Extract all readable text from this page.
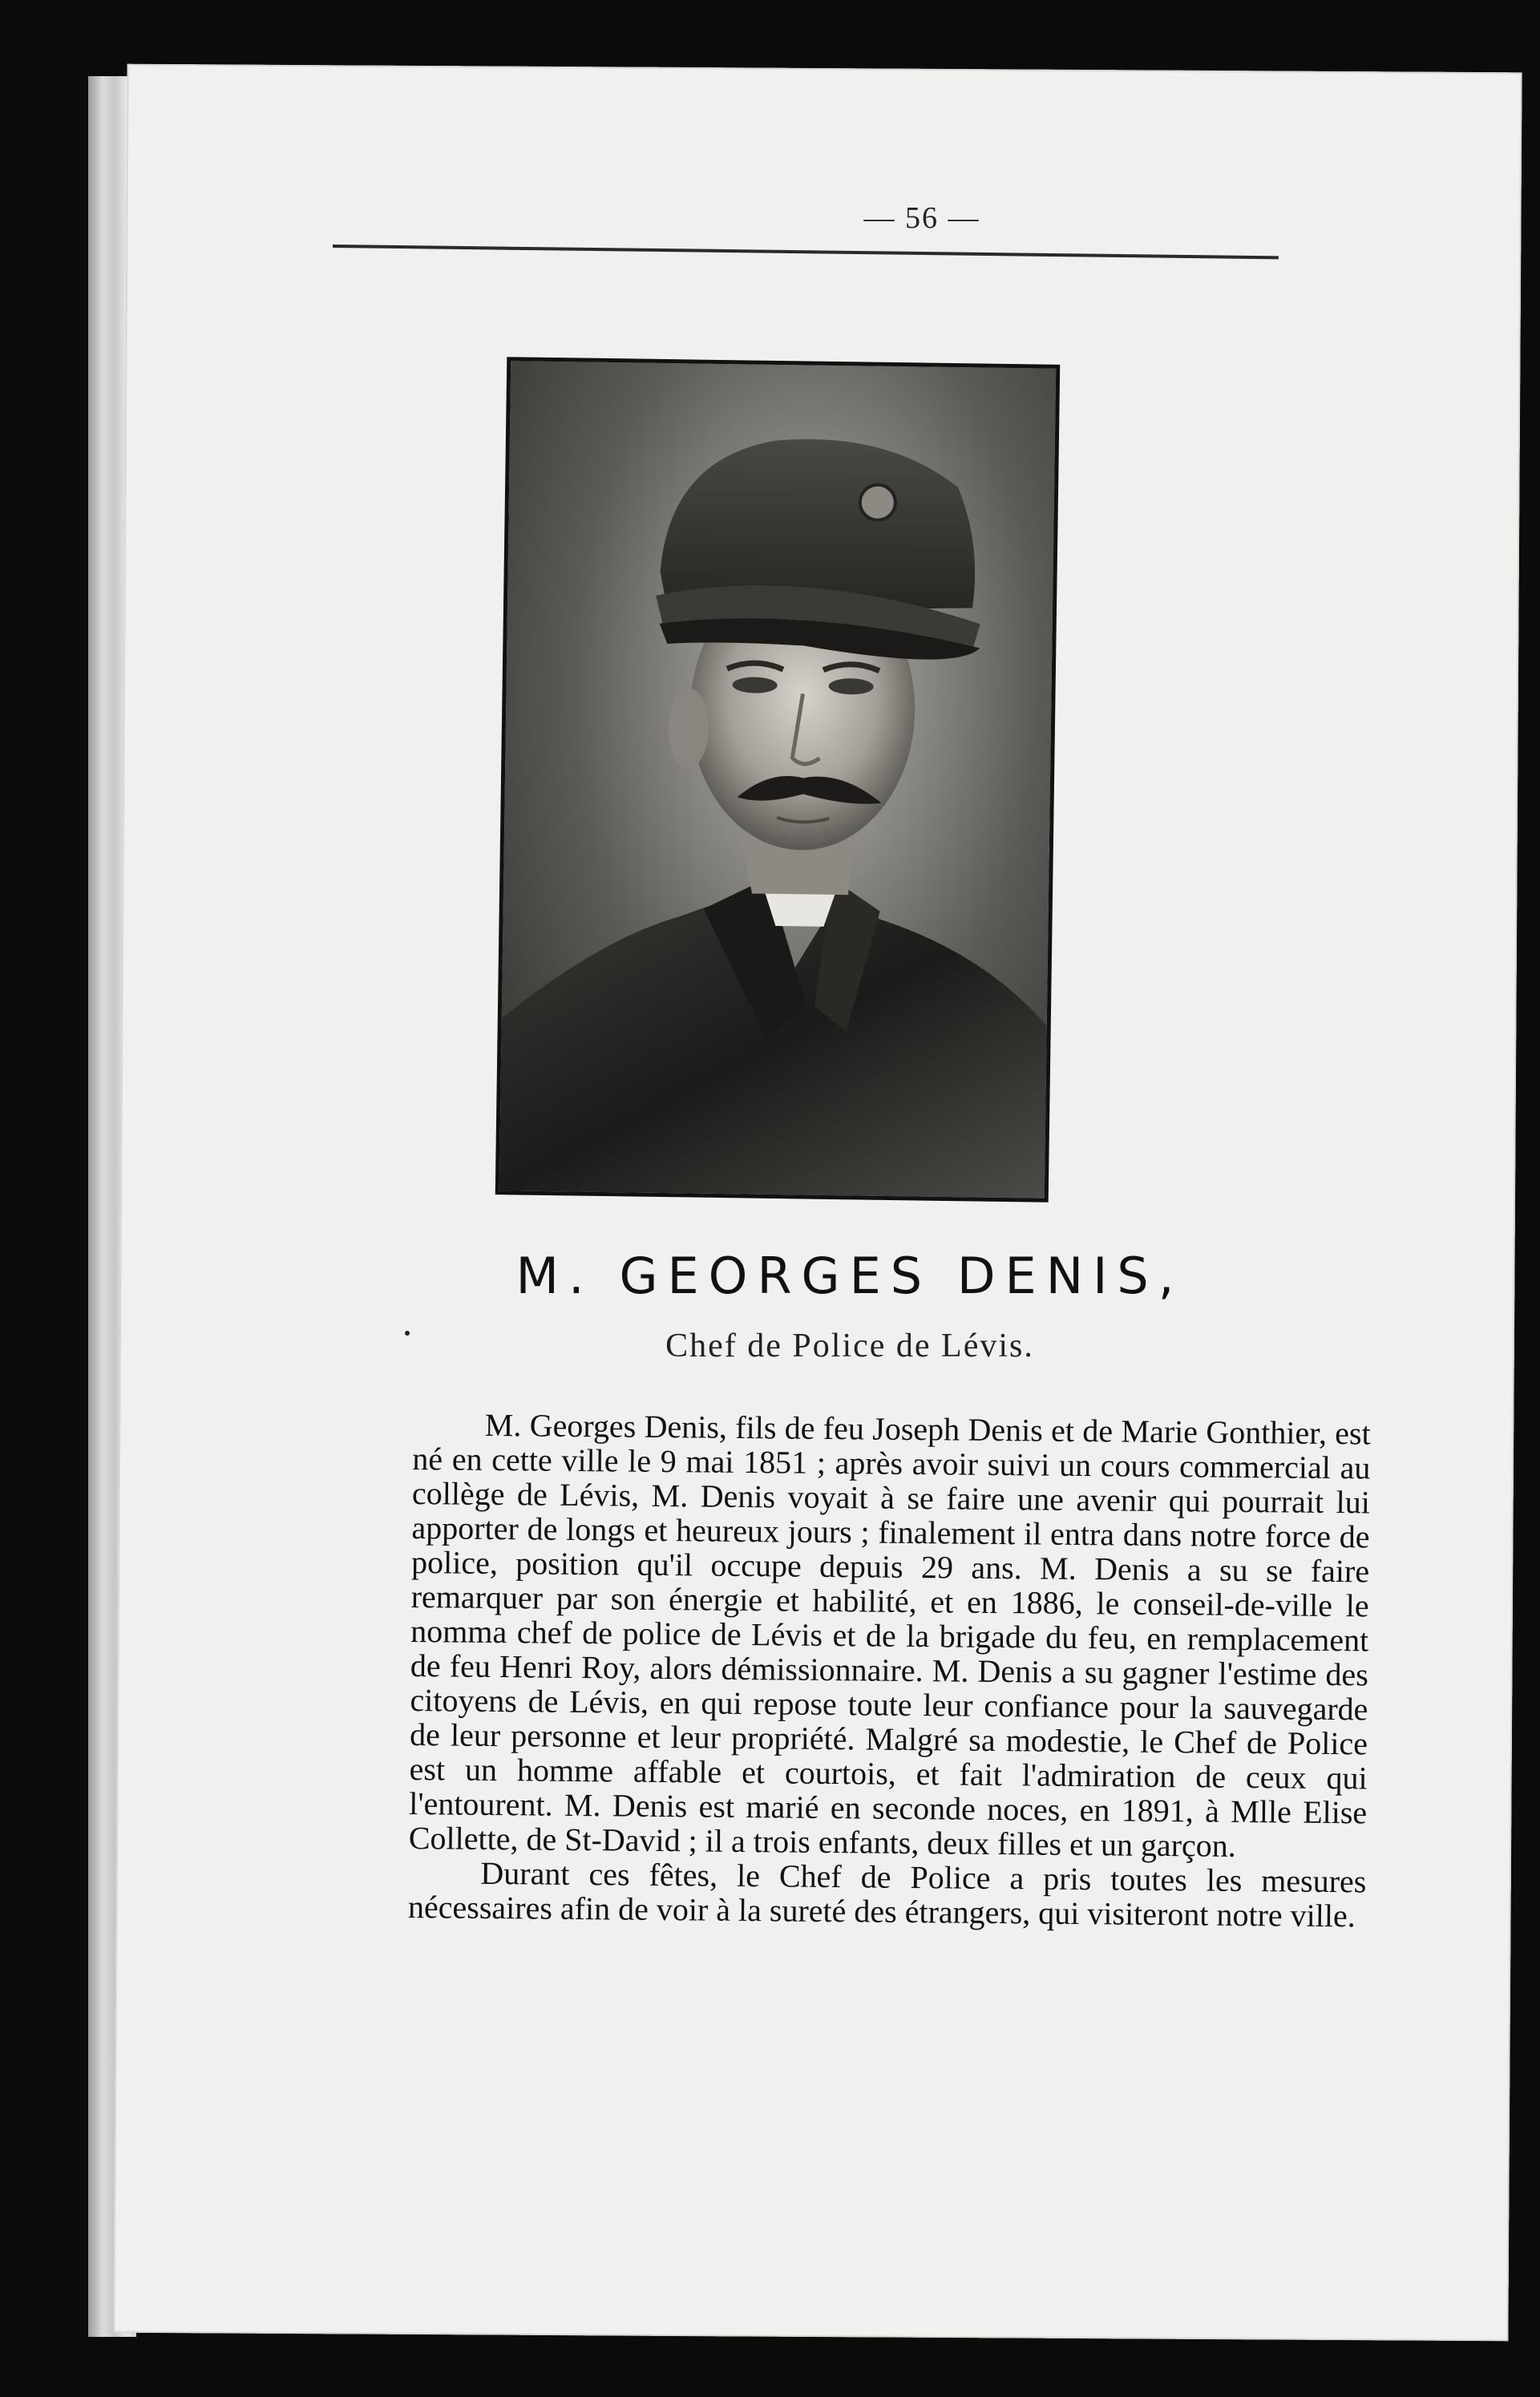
— 56 —
M. GEORGES DENIS,
Chef de Police de Lévis.

M. Georges Denis, fils de feu Joseph Denis et de Marie Gonthier, est né en cette ville le 9 mai 1851 ; après avoir suivi un cours commercial au collège de Lévis, M. Denis voyait à se faire une avenir qui pourrait lui apporter de longs et heureux jours ; finalement il entra dans notre force de police, position qu'il occupe depuis 29 ans. M. Denis a su se faire remarquer par son énergie et habilité, et en 1886, le conseil-de-ville le nomma chef de police de Lévis et de la brigade du feu, en remplacement de feu Henri Roy, alors démissionnaire. M. Denis a su gagner l'estime des citoyens de Lévis, en qui repose toute leur confiance pour la sauvegarde de leur personne et leur propriété. Malgré sa modestie, le Chef de Police est un homme affable et courtois, et fait l'admiration de ceux qui l'entourent. M. Denis est marié en seconde noces, en 1891, à Mlle Elise Collette, de St-David ; il a trois enfants, deux filles et un garçon.

Durant ces fêtes, le Chef de Police a pris toutes les mesures nécessaires afin de voir à la sureté des étrangers, qui visiteront notre ville.
